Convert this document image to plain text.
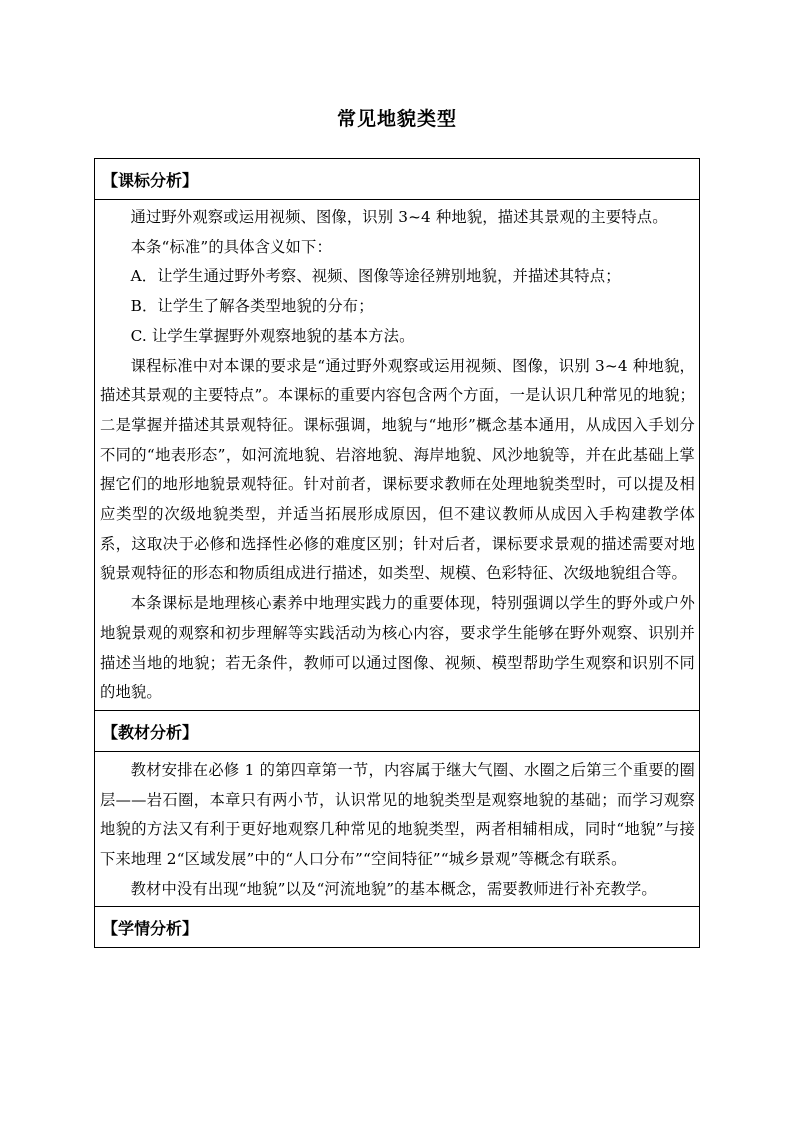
常见地貌类型
【课标分析】

通过野外观察或运用视频、图像，识别 3~4 种地貌，描述其景观的主要特点。

本条“标准”的具体含义如下：

A．让学生通过野外考察、视频、图像等途径辨别地貌，并描述其特点；

B．让学生了解各类型地貌的分布；

C. 让学生掌握野外观察地貌的基本方法。

课程标准中对本课的要求是“通过野外观察或运用视频、图像，识别 3~4 种地貌，描述其景观的主要特点”。本课标的重要内容包含两个方面，一是认识几种常见的地貌；二是掌握并描述其景观特征。课标强调，地貌与“地形”概念基本通用，从成因入手划分不同的“地表形态”，如河流地貌、岩溶地貌、海岸地貌、风沙地貌等，并在此基础上掌握它们的地形地貌景观特征。针对前者，课标要求教师在处理地貌类型时，可以提及相应类型的次级地貌类型，并适当拓展形成原因，但不建议教师从成因入手构建教学体系，这取决于必修和选择性必修的难度区别；针对后者，课标要求景观的描述需要对地貌景观特征的形态和物质组成进行描述，如类型、规模、色彩特征、次级地貌组合等。

本条课标是地理核心素养中地理实践力的重要体现，特别强调以学生的野外或户外地貌景观的观察和初步理解等实践活动为核心内容，要求学生能够在野外观察、识别并描述当地的地貌；若无条件，教师可以通过图像、视频、模型帮助学生观察和识别不同的地貌。

【教材分析】

教材安排在必修 1 的第四章第一节，内容属于继大气圈、水圈之后第三个重要的圈层——岩石圈，本章只有两小节，认识常见的地貌类型是观察地貌的基础；而学习观察地貌的方法又有利于更好地观察几种常见的地貌类型，两者相辅相成，同时“地貌”与接下来地理 2“区域发展”中的“人口分布”“空间特征”“城乡景观”等概念有联系。

教材中没有出现“地貌”以及“河流地貌”的基本概念，需要教师进行补充教学。

【学情分析】
